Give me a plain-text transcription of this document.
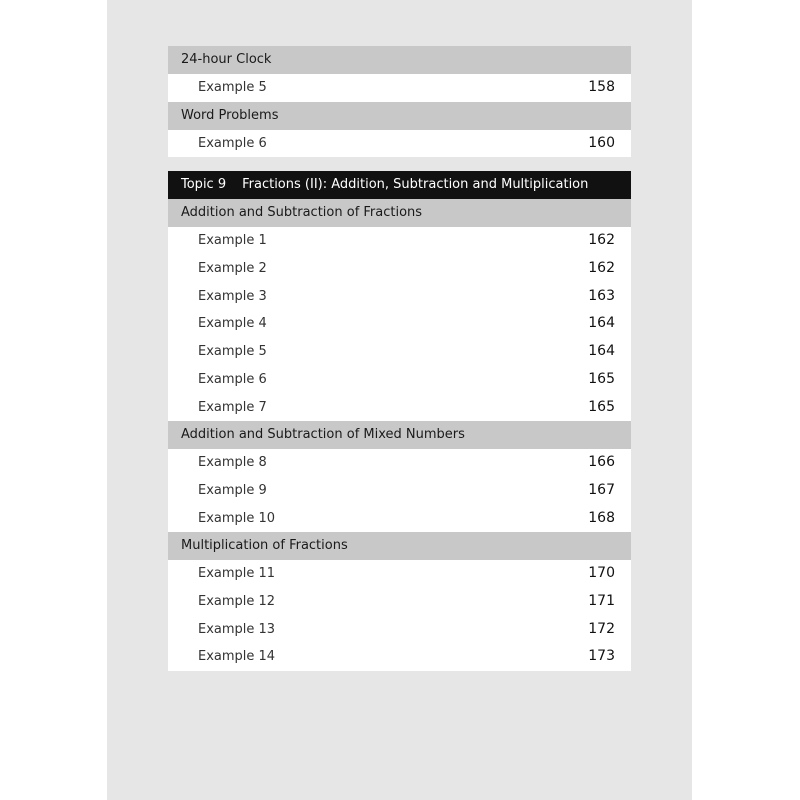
24-hour Clock
Example 5	158
Word Problems
Example 6	160
Topic 9 Fractions (II): Addition, Subtraction and Multiplication
Addition and Subtraction of Fractions
Example 1	162
Example 2	162
Example 3	163
Example 4	164
Example 5	164
Example 6	165
Example 7	165
Addition and Subtraction of Mixed Numbers
Example 8	166
Example 9	167
Example 10	168
Multiplication of Fractions
Example 11	170
Example 12	171
Example 13	172
Example 14	173
